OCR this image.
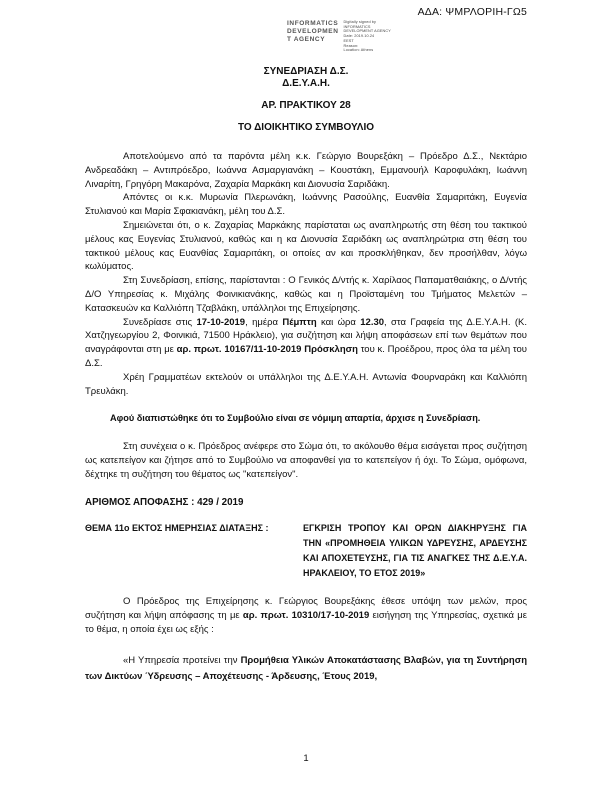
ΑΔΑ: ΨΜΡΛΟΡΙΗ-ΓΩ5
INFORMATICS
DEVELOPMEN
T AGENCY
Digitally signed by
INFORMATICS
DEVELOPMENT AGENCY
Date: 2019.10.24
EEST
Reason:
Location: Athens

ΣΥΝΕΔΡΙΑΣΗ Δ.Σ.

Δ.Ε.Υ.Α.Η.

ΑΡ. ΠΡΑΚΤΙΚΟΥ 28

ΤΟ ΔΙΟΙΚΗΤΙΚΟ ΣΥΜΒΟΥΛΙΟ

Αποτελούμενο από τα παρόντα μέλη κ.κ. Γεώργιο Βουρεξάκη – Πρόεδρο Δ.Σ., Νεκτάριο Ανδρεαδάκη – Αντιπρόεδρο, Ιωάννα Ασμαργιανάκη – Κουστάκη, Εμμανουήλ Καροφυλάκη, Ιωάννη Λιναρίτη, Γρηγόρη Μακαρόνα, Ζαχαρία Μαρκάκη και Διονυσία Σαριδάκη.

Απόντες οι κ.κ. Μυρωνία Πλερωνάκη, Ιωάννης Ρασούλης, Ευανθία Σαμαριτάκη, Ευγενία Στυλιανού και Μαρία Σφακιανάκη, μέλη του Δ.Σ.

Σημειώνεται ότι, ο κ. Ζαχαρίας Μαρκάκης παρίσταται ως αναπληρωτής στη θέση του τακτικού μέλους κας Ευγενίας Στυλιανού, καθώς και η κα Διονυσία Σαριδάκη ως αναπληρώτρια στη θέση του τακτικού μέλους κας Ευανθίας Σαμαριτάκη, οι οποίες αν και προσκλήθηκαν, δεν προσήλθαν, λόγω κωλύματος.

Στη Συνεδρίαση, επίσης, παρίστανται : Ο Γενικός Δ/ντής κ. Χαρίλαος Παπαματθαιάκης, ο Δ/ντής Δ/Ο Υπηρεσίας κ. Μιχάλης Φοινικιανάκης, καθώς και η Προϊσταμένη του Τμήματος Μελετών – Κατασκευών κα Καλλιόπη Τζαβλάκη, υπάλληλοι της Επιχείρησης.

Συνεδρίασε στις 17-10-2019, ημέρα Πέμπτη και ώρα 12.30, στα Γραφεία της Δ.Ε.Υ.Α.Η. (Κ. Χατζηγεωργίου 2, Φοινικιά, 71500 Ηράκλειο), για συζήτηση και λήψη αποφάσεων επί των θεμάτων που αναγράφονται στη με αρ. πρωτ. 10167/11-10-2019 Πρόσκληση του κ. Προέδρου, προς όλα τα μέλη του Δ.Σ.

Χρέη Γραμματέων εκτελούν οι υπάλληλοι της Δ.Ε.Υ.Α.Η. Αντωνία Φουρναράκη και Καλλιόπη Τρευλάκη.

Αφού διαπιστώθηκε ότι το Συμβούλιο είναι σε νόμιμη απαρτία, άρχισε η Συνεδρίαση.

Στη συνέχεια ο κ. Πρόεδρος ανέφερε στο Σώμα ότι, το ακόλουθο θέμα εισάγεται προς συζήτηση ως κατεπείγον και ζήτησε από το Συμβούλιο να αποφανθεί για το κατεπείγον ή όχι. Το Σώμα, ομόφωνα, δέχτηκε τη συζήτηση του θέματος ως "κατεπείγον".

ΑΡΙΘΜΟΣ ΑΠΟΦΑΣΗΣ : 429 / 2019

ΘΕΜΑ 11ο ΕΚΤΟΣ ΗΜΕΡΗΣΙΑΣ ΔΙΑΤΑΞΗΣ :	ΕΓΚΡΙΣΗ ΤΡΟΠΟΥ ΚΑΙ ΟΡΩΝ ΔΙΑΚΗΡΥΞΗΣ ΓΙΑ ΤΗΝ «ΠΡΟΜΗΘΕΙΑ ΥΛΙΚΩΝ ΥΔΡΕΥΣΗΣ, ΑΡΔΕΥΣΗΣ ΚΑΙ ΑΠΟΧΕΤΕΥΣΗΣ, ΓΙΑ ΤΙΣ ΑΝΑΓΚΕΣ ΤΗΣ Δ.Ε.Υ.Α. ΗΡΑΚΛΕΙΟΥ, ΤΟ ΕΤΟΣ 2019»

Ο Πρόεδρος της Επιχείρησης κ. Γεώργιος Βουρεξάκης έθεσε υπόψη των μελών, προς συζήτηση και λήψη απόφασης τη με αρ. πρωτ. 10310/17-10-2019 εισήγηση της Υπηρεσίας, σχετικά με το θέμα, η οποία έχει ως εξής :

«Η Υπηρεσία προτείνει την Προμήθεια Υλικών Αποκατάστασης Βλαβών, για τη Συντήρηση των Δικτύων Ύδρευσης – Αποχέτευσης - Άρδευσης, Έτους 2019,

1
